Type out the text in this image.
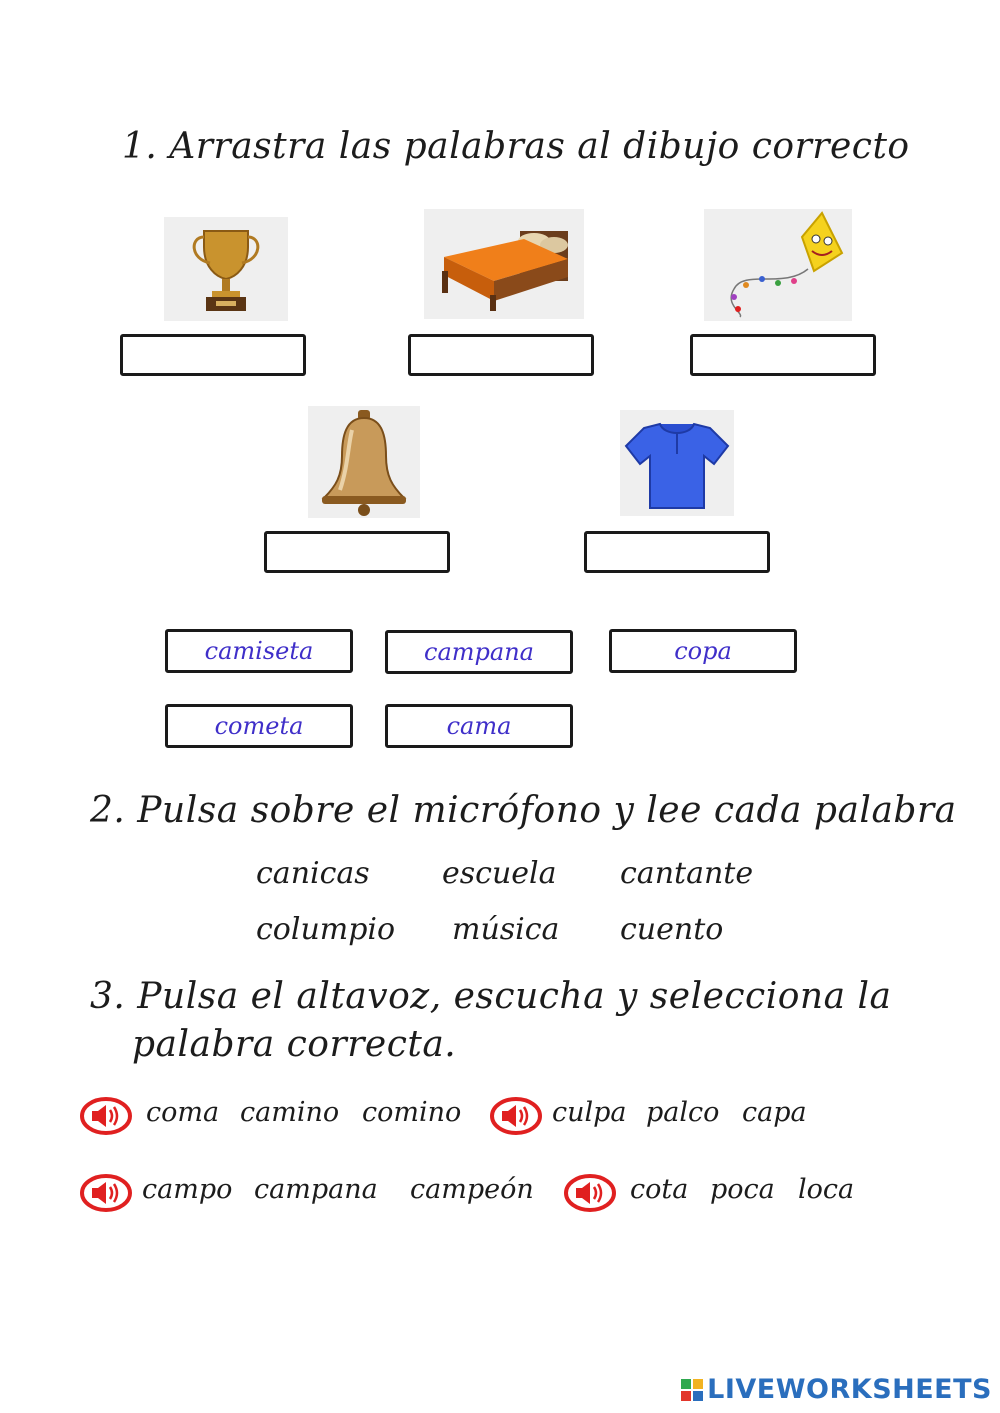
1. Arrastra las palabras al dibujo correcto
camiseta	campana	copa
cometa	cama
2. Pulsa sobre el micrófono y lee cada palabra
canicas escuela cantante
columpio música cuento
3. Pulsa el altavoz, escucha y selecciona la
palabra correcta.
coma camino comino	culpa palco capa
campo campana campeón	cota poca loca
LIVEWORKSHEETS
